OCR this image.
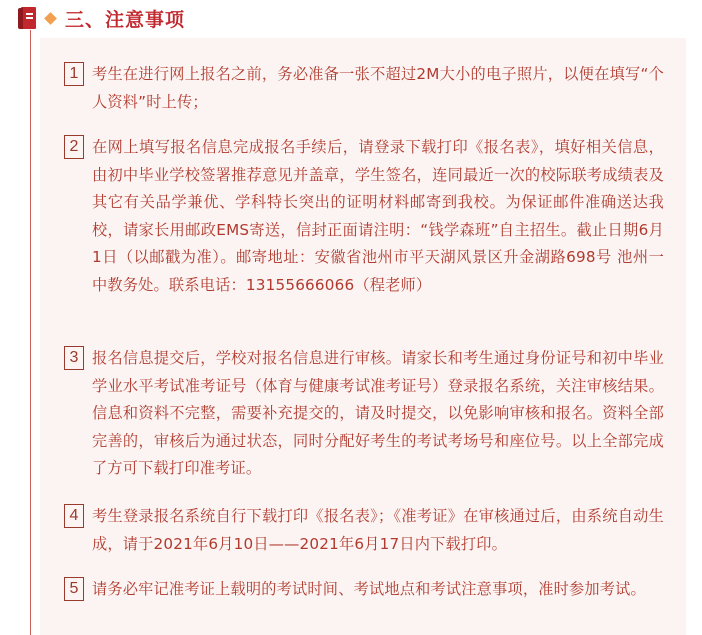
三、注意事项
1 考生在进行网上报名之前，务必准备一张不超过2M大小的电子照片，以便在填写“个人资料”时上传；
2 在网上填写报名信息完成报名手续后，请登录下载打印《报名表》，填好相关信息，由初中毕业学校签署推荐意见并盖章，学生签名，连同最近一次的校际联考成绩表及其它有关品学兼优、学科特长突出的证明材料邮寄到我校。为保证邮件准确送达我校，请家长用邮政EMS寄送，信封正面请注明：“钱学森班”自主招生。截止日期6月1日（以邮戳为准）。邮寄地址：安徽省池州市平天湖风景区升金湖路698号 池州一中教务处。联系电话：13155666066（程老师）
3 报名信息提交后，学校对报名信息进行审核。请家长和考生通过身份证号和初中毕业学业水平考试准考证号（体育与健康考试准考证号）登录报名系统，关注审核结果。信息和资料不完整，需要补充提交的，请及时提交，以免影响审核和报名。资料全部完善的，审核后为通过状态，同时分配好考生的考试考场号和座位号。以上全部完成了方可下载打印准考证。
4 考生登录报名系统自行下载打印《报名表》；《准考证》在审核通过后，由系统自动生成，请于2021年6月10日——2021年6月17日内下载打印。
5 请务必牢记准考证上载明的考试时间、考试地点和考试注意事项，准时参加考试。
